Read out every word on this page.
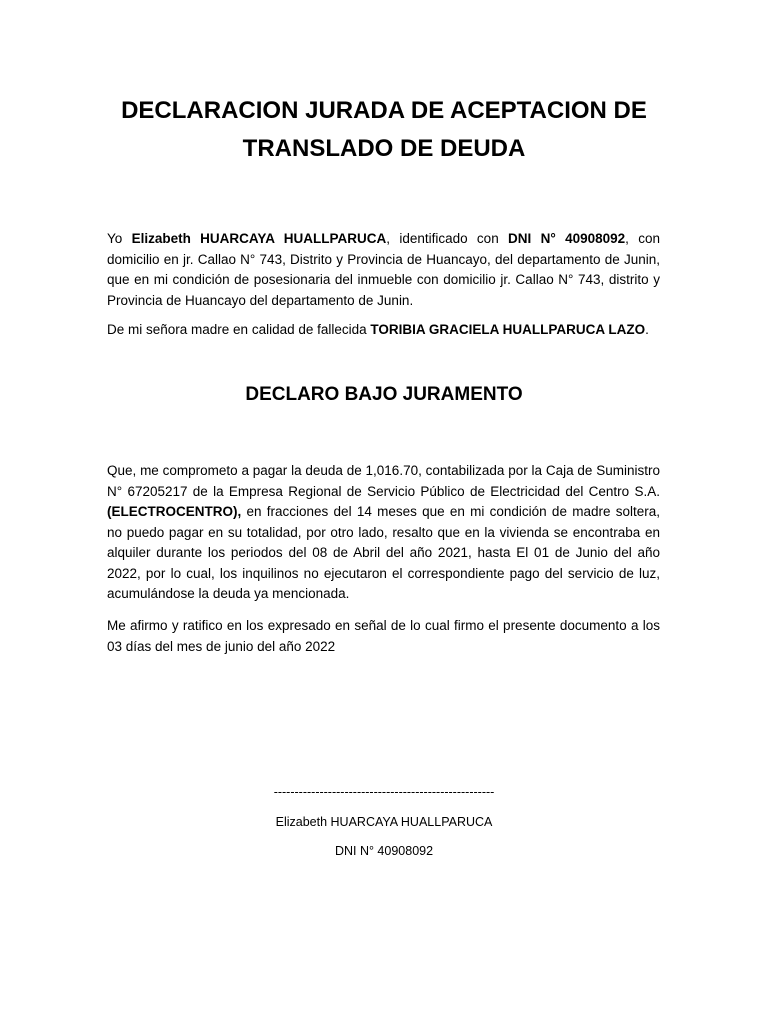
DECLARACION JURADA DE ACEPTACION DE TRANSLADO DE DEUDA
Yo Elizabeth HUARCAYA HUALLPARUCA, identificado con DNI N° 40908092, con domicilio en jr. Callao N° 743, Distrito y Provincia de Huancayo, del departamento de Junin, que en mi condición de posesionaria del inmueble con domicilio jr. Callao N° 743, distrito y Provincia de Huancayo del departamento de Junin.
De mi señora madre en calidad de fallecida TORIBIA GRACIELA HUALLPARUCA LAZO.
DECLARO BAJO JURAMENTO
Que, me comprometo a pagar la deuda de 1,016.70, contabilizada por la Caja de Suministro N° 67205217 de la Empresa Regional de Servicio Público de Electricidad del Centro S.A. (ELECTROCENTRO), en fracciones del 14 meses que en mi condición de madre soltera, no puedo pagar en su totalidad, por otro lado, resalto que en la vivienda se encontraba en alquiler durante los periodos del 08 de Abril del año 2021, hasta El 01 de Junio del año 2022, por lo cual, los inquilinos no ejecutaron el correspondiente pago del servicio de luz, acumulándose la deuda ya mencionada.
Me afirmo y ratifico en los expresado en señal de lo cual firmo el presente documento a los 03 días del mes de junio del año 2022
-----------------------------------------------------
Elizabeth HUARCAYA HUALLPARUCA
DNI N° 40908092
